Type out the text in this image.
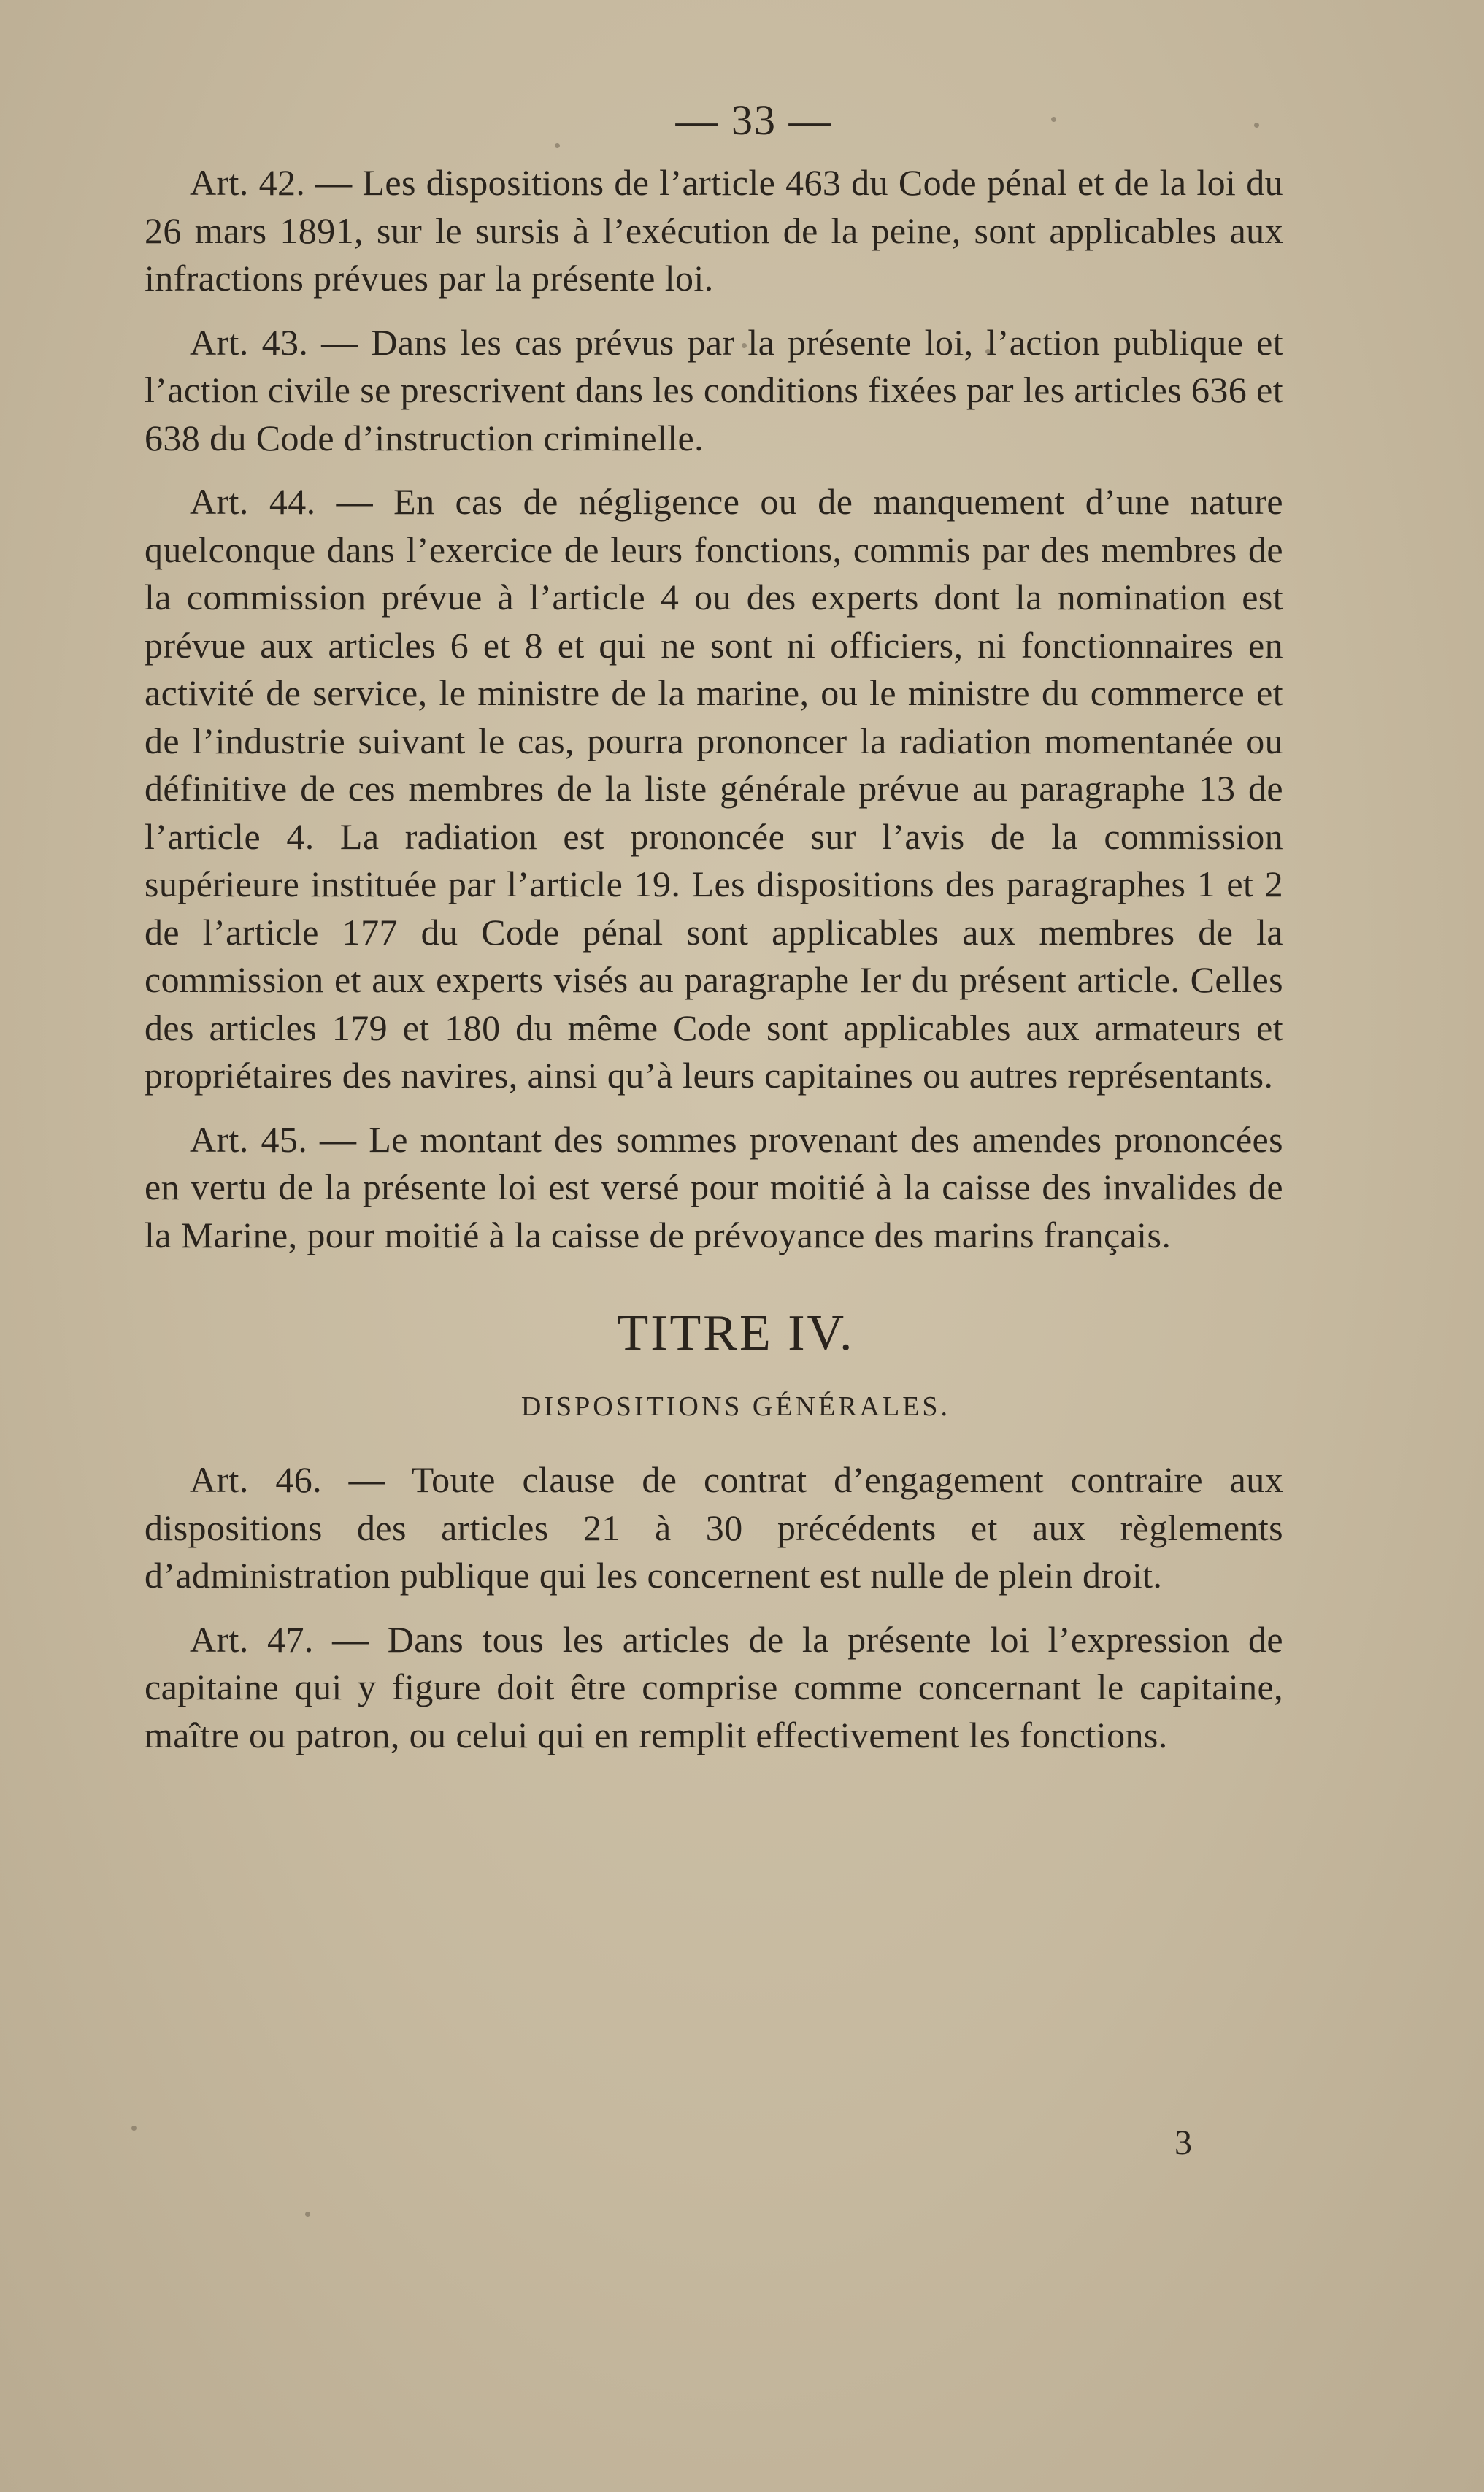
— 33 —

Art. 42. — Les dispositions de l’article 463 du Code pénal et de la loi du 26 mars 1891, sur le sursis à l’exécution de la peine, sont applicables aux infractions prévues par la présente loi.

Art. 43. — Dans les cas prévus par la présente loi, l’action publique et l’action civile se prescrivent dans les conditions fixées par les articles 636 et 638 du Code d’instruction criminelle.

Art. 44. — En cas de négligence ou de manquement d’une nature quelconque dans l’exercice de leurs fonctions, commis par des membres de la commission prévue à l’article 4 ou des experts dont la nomination est prévue aux articles 6 et 8 et qui ne sont ni officiers, ni fonctionnaires en activité de service, le ministre de la marine, ou le ministre du commerce et de l’industrie suivant le cas, pourra prononcer la radiation momentanée ou définitive de ces membres de la liste générale prévue au paragraphe 13 de l’article 4. La radiation est prononcée sur l’avis de la commission supérieure instituée par l’article 19. Les dispositions des paragraphes 1 et 2 de l’article 177 du Code pénal sont applicables aux membres de la commission et aux experts visés au paragraphe Ier du présent article. Celles des articles 179 et 180 du même Code sont applicables aux armateurs et propriétaires des navires, ainsi qu’à leurs capitaines ou autres représentants.

Art. 45. — Le montant des sommes provenant des amendes prononcées en vertu de la présente loi est versé pour moitié à la caisse des invalides de la Marine, pour moitié à la caisse de prévoyance des marins français.

TITRE IV.
DISPOSITIONS GÉNÉRALES.

Art. 46. — Toute clause de contrat d’engagement contraire aux dispositions des articles 21 à 30 précédents et aux règlements d’administration publique qui les concernent est nulle de plein droit.

Art. 47. — Dans tous les articles de la présente loi l’expression de capitaine qui y figure doit être comprise comme concernant le capitaine, maître ou patron, ou celui qui en remplit effectivement les fonctions.

3
